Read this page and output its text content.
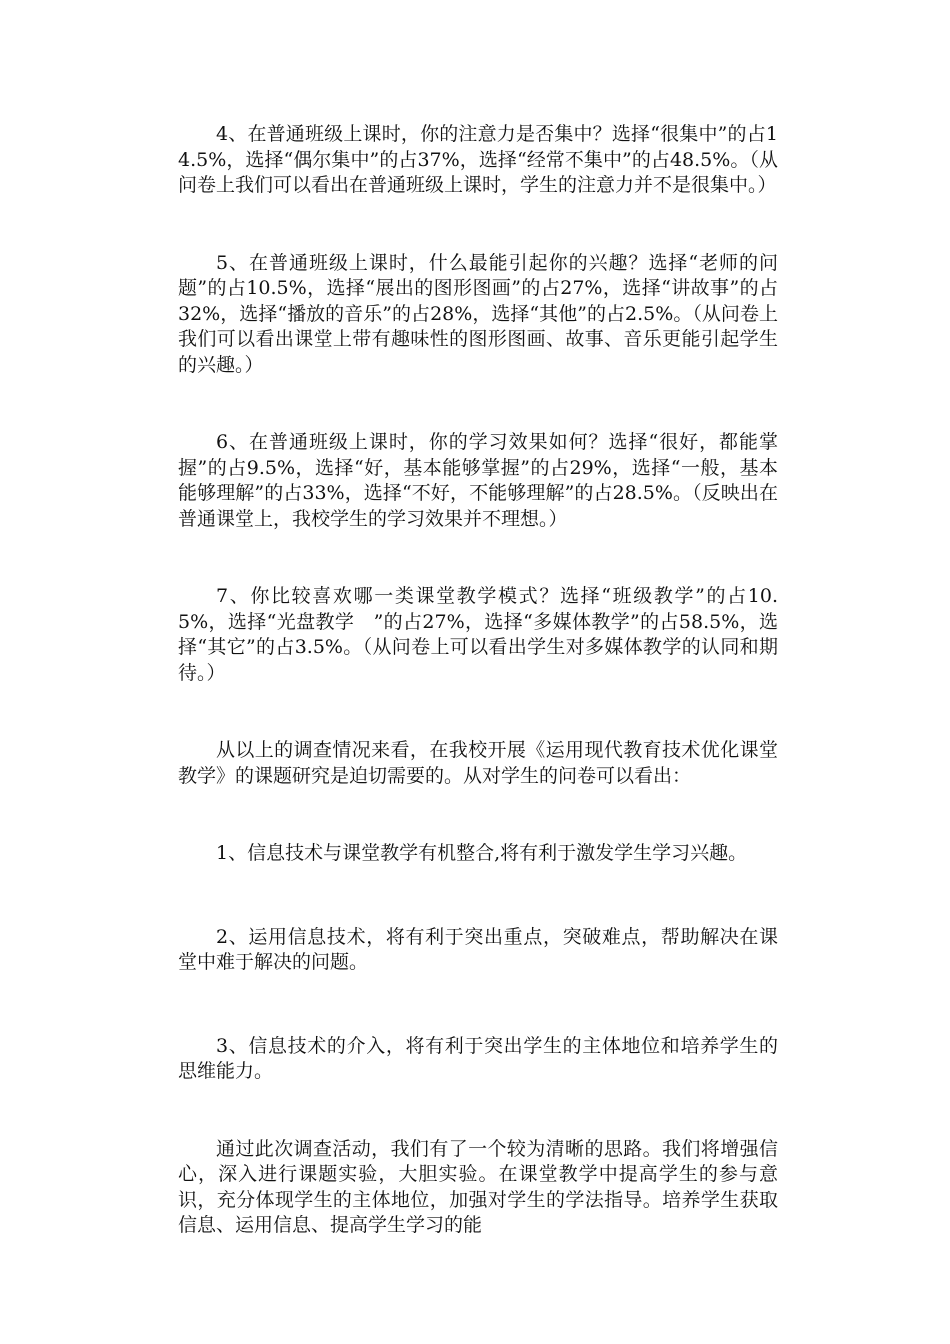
4、在普通班级上课时，你的注意力是否集中？选择“很集中”的占14.5%，选择“偶尔集中”的占37%，选择“经常不集中”的占48.5%。（从问卷上我们可以看出在普通班级上课时，学生的注意力并不是很集中。）

5、在普通班级上课时，什么最能引起你的兴趣？选择“老师的问题”的占10.5%，选择“展出的图形图画”的占27%，选择“讲故事”的占32%，选择“播放的音乐”的占28%，选择“其他”的占2.5%。（从问卷上我们可以看出课堂上带有趣味性的图形图画、故事、音乐更能引起学生的兴趣。）

6、在普通班级上课时，你的学习效果如何？选择“很好，都能掌握”的占9.5%，选择“好，基本能够掌握”的占29%，选择“一般，基本能够理解”的占33%，选择“不好，不能够理解”的占28.5%。（反映出在普通课堂上，我校学生的学习效果并不理想。）

7、你比较喜欢哪一类课堂教学模式？选择“班级教学”的占10.5%，选择“光盘教学　”的占27%，选择“多媒体教学”的占58.5%，选择“其它”的占3.5%。（从问卷上可以看出学生对多媒体教学的认同和期待。）

从以上的调查情况来看，在我校开展《运用现代教育技术优化课堂教学》的课题研究是迫切需要的。从对学生的问卷可以看出：

1、信息技术与课堂教学有机整合,将有利于激发学生学习兴趣。

2、运用信息技术，将有利于突出重点，突破难点，帮助解决在课堂中难于解决的问题。

3、信息技术的介入，将有利于突出学生的主体地位和培养学生的思维能力。

通过此次调查活动，我们有了一个较为清晰的思路。我们将增强信心，深入进行课题实验，大胆实验。在课堂教学中提高学生的参与意识，充分体现学生的主体地位，加强对学生的学法指导。培养学生获取信息、运用信息、提高学生学习的能
